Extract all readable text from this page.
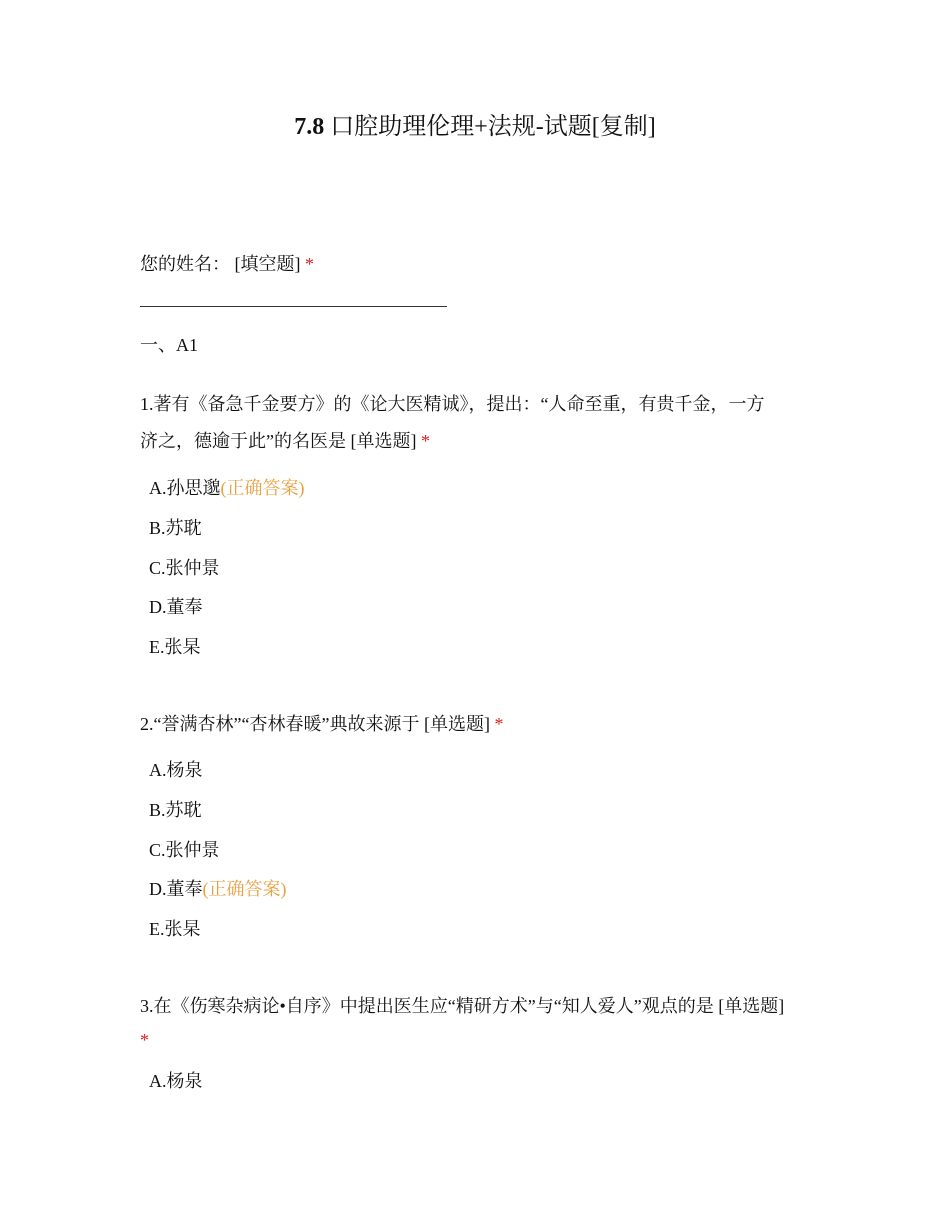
7.8 口腔助理伦理+法规-试题[复制]
您的姓名： [填空题] *
一、A1
1.著有《备急千金要方》的《论大医精诚》，提出：“人命至重，有贵千金，一方
济之，德逾于此”的名医是 [单选题] *
A.孙思邈(正确答案)
B.苏耽
C.张仲景
D.董奉
E.张杲
2.“誉满杏林”“杏林春暖”典故来源于 [单选题] *
A.杨泉
B.苏耽
C.张仲景
D.董奉(正确答案)
E.张杲
3.在《伤寒杂病论•自序》中提出医生应“精研方术”与“知人爱人”观点的是 [单选题]
*
A.杨泉
